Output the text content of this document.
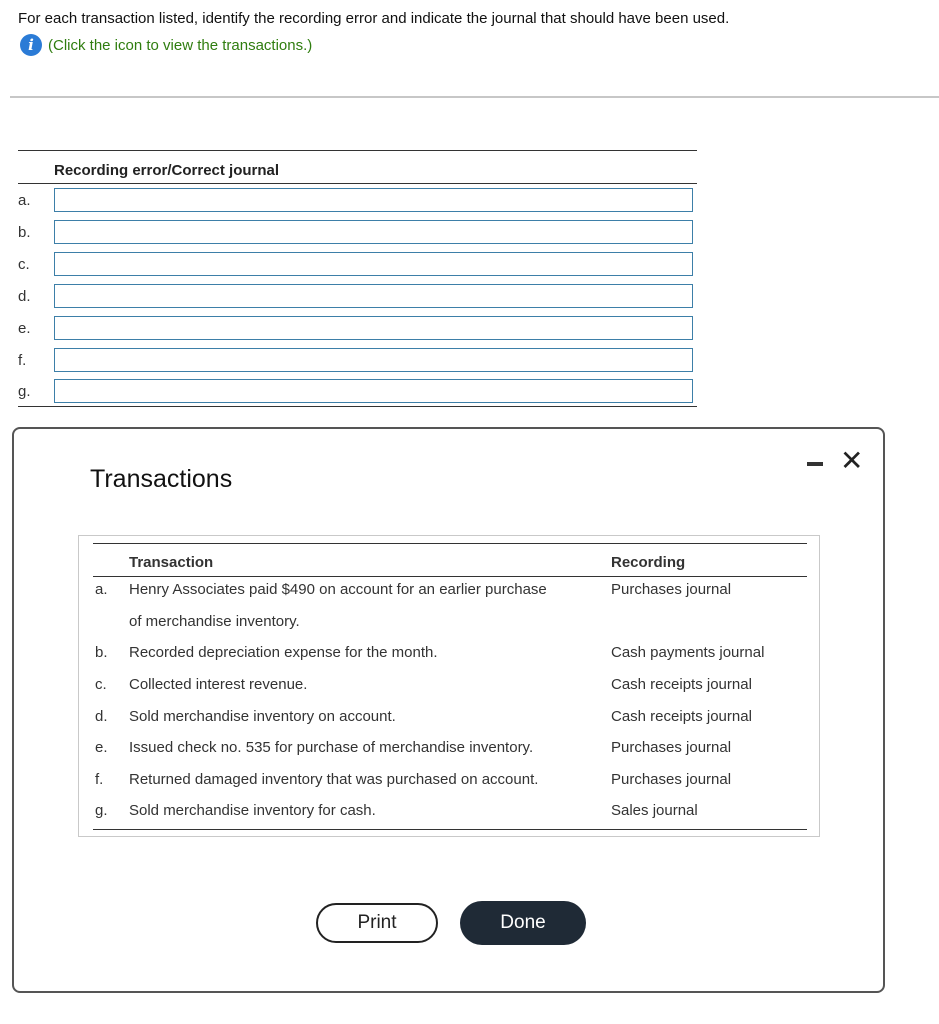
For each transaction listed, identify the recording error and indicate the journal that should have been used.
i (Click the icon to view the transactions.)
Recording error/Correct journal
a.
b.
c.
d.
e.
f.
g.
Transactions
✕
Transaction	Recording
a. Henry Associates paid $490 on account for an earlier purchase	Purchases journal
of merchandise inventory.
b. Recorded depreciation expense for the month.	Cash payments journal
c. Collected interest revenue.	Cash receipts journal
d. Sold merchandise inventory on account.	Cash receipts journal
e. Issued check no. 535 for purchase of merchandise inventory.	Purchases journal
f. Returned damaged inventory that was purchased on account.	Purchases journal
g. Sold merchandise inventory for cash.	Sales journal
Print	Done
